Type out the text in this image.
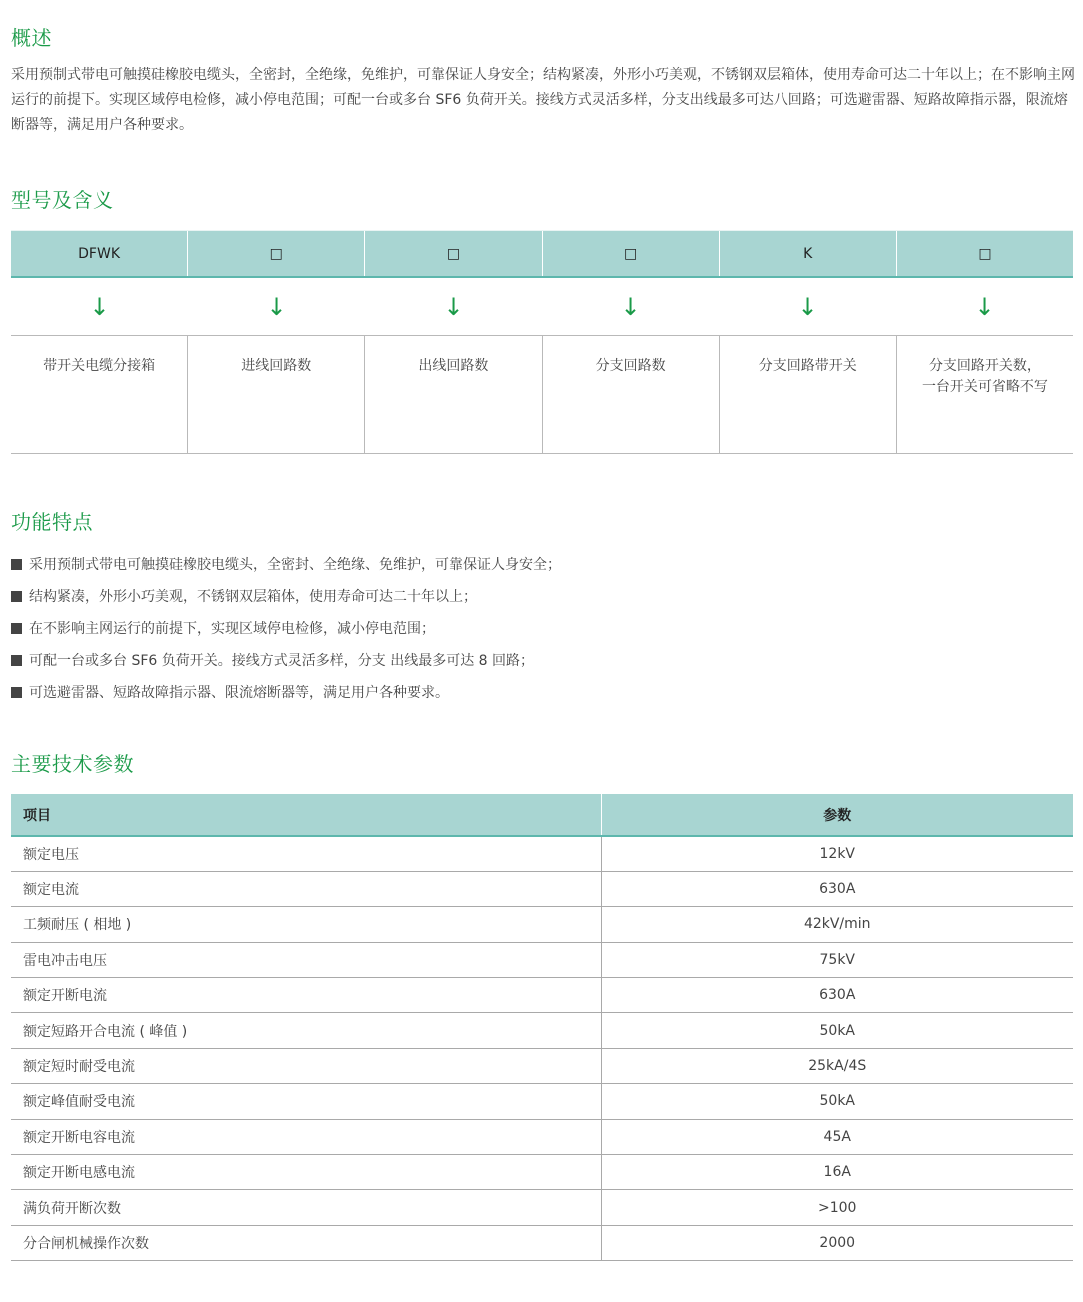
概述

采用预制式带电可触摸硅橡胶电缆头，全密封，全绝缘，免维护，可靠保证人身安全；结构紧凑，外形小巧美观，不锈钢双层箱体，使用寿命可达二十年以上；在不影响主网运行的前提下。实现区域停电检修，减小停电范围；可配一台或多台 SF6 负荷开关。接线方式灵活多样，分支出线最多可达八回路；可选避雷器、短路故障指示器，限流熔断器等，满足用户各种要求。

型号及含义
DFWK	□	□	□	K	□
↓	↓	↓	↓	↓	↓
带开关电缆分接箱	进线回路数	出线回路数	分支回路数	分支回路带开关	分支回路开关数，
一台开关可省略不写
功能特点
采用预制式带电可触摸硅橡胶电缆头，全密封、全绝缘、免维护，可靠保证人身安全；
结构紧凑，外形小巧美观，不锈钢双层箱体，使用寿命可达二十年以上；
在不影响主网运行的前提下，实现区域停电检修，减小停电范围；
可配一台或多台 SF6 负荷开关。接线方式灵活多样，分支 出线最多可达 8 回路；
可选避雷器、短路故障指示器、限流熔断器等，满足用户各种要求。
主要技术参数
项目	参数
额定电压	12kV
额定电流	630A
工频耐压 ( 相地 )	42kV/min
雷电冲击电压	75kV
额定开断电流	630A
额定短路开合电流 ( 峰值 )	50kA
额定短时耐受电流	25kA/4S
额定峰值耐受电流	50kA
额定开断电容电流	45A
额定开断电感电流	16A
满负荷开断次数	>100
分合闸机械操作次数	2000
